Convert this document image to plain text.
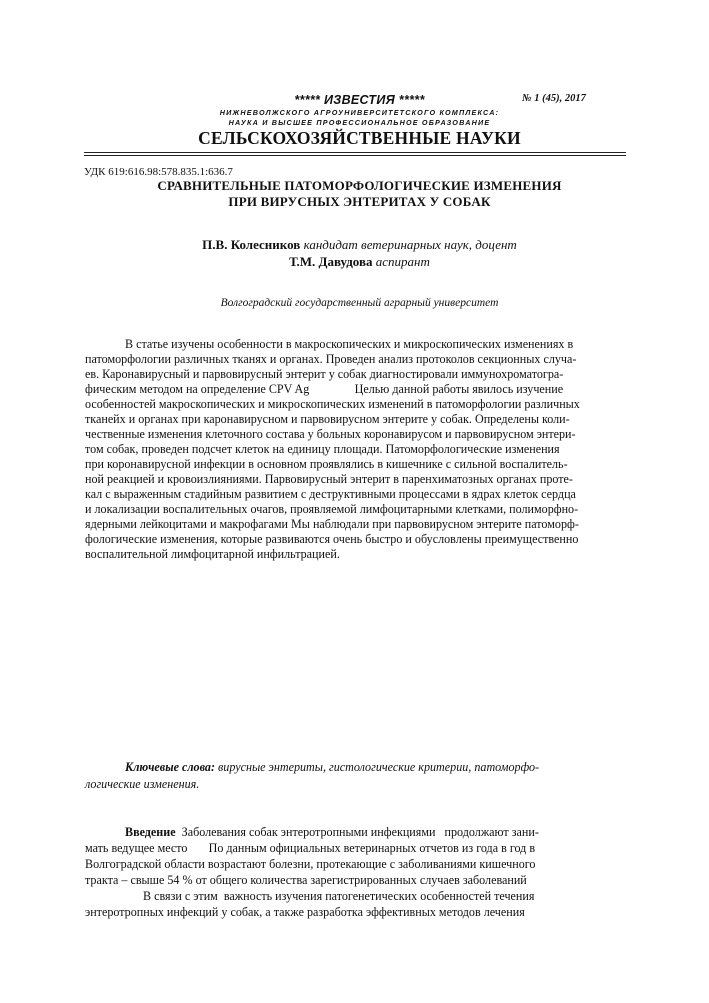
***** ИЗВЕСТИЯ *****	№ 1 (45), 2017
НИЖНЕВОЛЖСКОГО АГРОУНИВЕРСИТЕТСКОГО КОМПЛЕКСА:
НАУКА И ВЫСШЕЕ ПРОФЕССИОНАЛЬНОЕ ОБРАЗОВАНИЕ
СЕЛЬСКОХОЗЯЙСТВЕННЫЕ НАУКИ
УДК 619:616.98:578.835.1:636.7
СРАВНИТЕЛЬНЫЕ ПАТОМОРФОЛОГИЧЕСКИЕ ИЗМЕНЕНИЯ
ПРИ ВИРУСНЫХ ЭНТЕРИТАХ У СОБАК
П.В. Колесников кандидат ветеринарных наук, доцент
Т.М. Давудова аспирант
Волгоградский государственный аграрный университет
В статье изучены особенности в макроскопических и микроскопических изменениях в
патоморфологии различных тканях и органах. Проведен анализ протоколов секционных случа-
ев. Каронавирусный и парвовирусный энтерит у собак диагностировали иммунохроматогра-
фическим методом на определение CPV Ag               Целью данной работы явилось изучение
особенностей макроскопических и микроскопических изменений в патоморфологии различных
тканейх и органах при каронавирусном и парвовирусном энтерите у собак. Определены коли-
чественные изменения клеточного состава у больных коронавирусом и парвовирусном энтери-
том собак, проведен подсчет клеток на единицу площади. Патоморфологические изменения
при коронавирусной инфекции в основном проявлялись в кишечнике с сильной воспалитель-
ной реакцией и кровоизлияниями. Парвовирусный энтерит в паренхиматозных органах проте-
кал с выраженным стадийным развитием с деструктивными процессами в ядрах клеток сердца
и локализации воспалительных очагов, проявляемой лимфоцитарными клетками, полиморфно-
ядерными лейкоцитами и макрофагами Мы наблюдали при парвовирусном энтерите патоморф-
фологические изменения, которые развиваются очень быстро и обусловлены преимущественно
воспалительной лимфоцитарной инфильтрацией.
Ключевые слова: вирусные энтериты, гистологические критерии, патоморфо-
логические изменения.
Введение  Заболевания собак энтеротропными инфекциями   продолжают зани-
мать ведущее место       По данным официальных ветеринарных отчетов из года в год в
Волгоградской области возрастают болезни, протекающие с заболиваниями кишечного
тракта – свыше 54 % от общего количества зарегистрированных случаев заболеваний
В связи с этим  важность изучения патогенетических особенностей течения
энтеротропных инфекций у собак, а также разработка эффективных методов лечения
